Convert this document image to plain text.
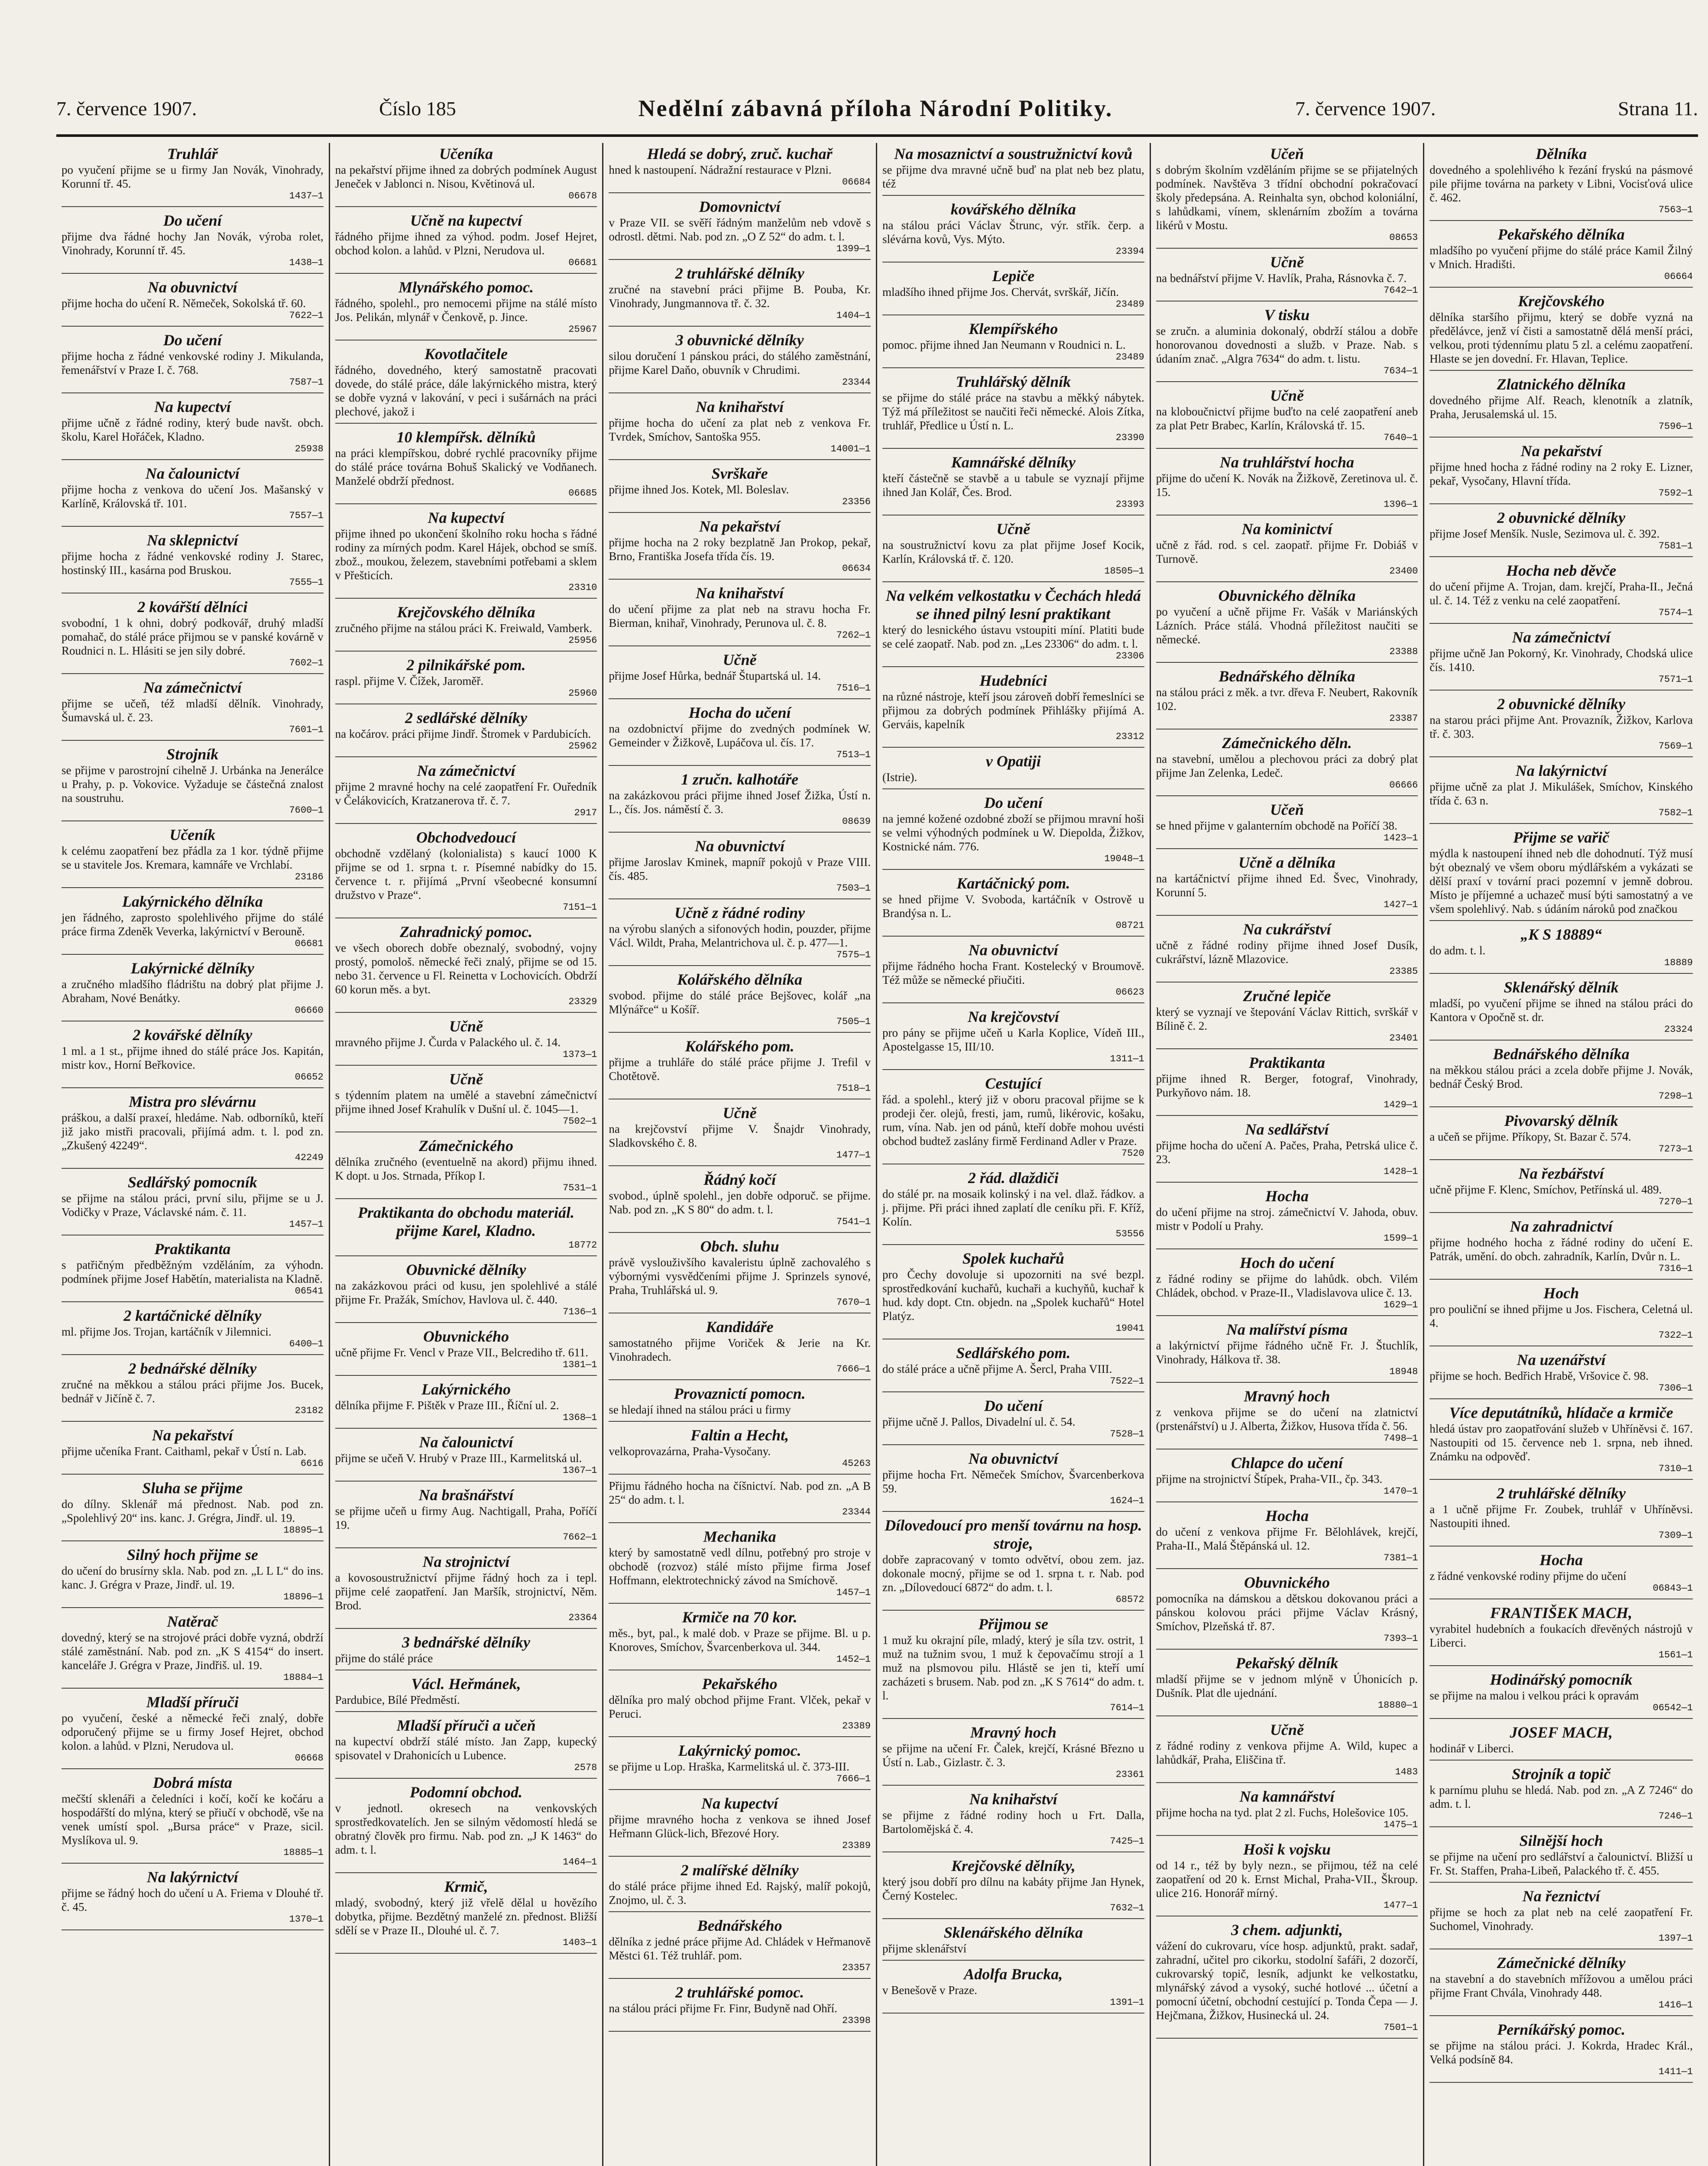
7. července 1907.	Číslo 185	Nedělní zábavná příloha Národní Politiky.	7. července 1907.	Strana 11.
Truhlář
po vyučení přijme se u firmy Jan Novák, Vinohrady, Korunní tř. 45.
1437—1
Do učení
přijme dva řádné hochy Jan Novák, výroba rolet, Vinohrady, Korunní tř. 45.
1438—1
Na obuvnictví
přijme hocha do učení R. Němeček, Sokolská tř. 60.
7622—1
Do učení
přijme hocha z řádné venkovské rodiny J. Mikulanda, řemenářství v Praze I. č. 768.
7587—1
Na kupectví
přijme učně z řádné rodiny, který bude navšt. obch. školu, Karel Hořáček, Kladno.
25938
Na čalounictví
přijme hocha z venkova do učení Jos. Mašanský v Karlíně, Královská tř. 101.
7557—1
Na sklepnictví
přijme hocha z řádné venkovské rodiny J. Starec, hostinský III., kasárna pod Bruskou.
7555—1
2 kovářští dělníci
svobodní, 1 k ohni, dobrý podkovář, druhý mladší pomahač, do stálé práce přijmou se v panské kovárně v Roudnici n. L. Hlásiti se jen sily dobré.
7602—1
Na zámečnictví
přijme se učeň, též mladší dělník. Vinohrady, Šumavská ul. č. 23.
7601—1
Strojník
se přijme v parostrojní cihelně J. Urbánka na Jenerálce u Prahy, p. p. Vokovice. Vyžaduje se částečná znalost na soustruhu.
7600—1
Učeník
k celému zaopatření bez přádla za 1 kor. týdně přijme se u stavitele Jos. Kremara, kamnáře ve Vrchlabí.
23186
Lakýrnického dělníka
jen řádného, zaprosto spolehlivého přijme do stálé práce firma Zdeněk Veverka, lakýrnictví v Berouně.
06681
Lakýrnické dělníky
a zručného mladšího fládrištu na dobrý plat přijme J. Abraham, Nové Benátky.
06660
2 kovářské dělníky
1 ml. a 1 st., přijme ihned do stálé práce Jos. Kapitán, mistr kov., Horní Beřkovice.
06652
Mistra pro slévárnu
práškou, a další praxeí, hledáme. Nab. odborníků, kteří již jako mistři pracovali, přijímá adm. t. l. pod zn. „Zkušený 42249“.
42249
Sedlářský pomocník
se přijme na stálou práci, první silu, přijme se u J. Vodičky v Praze, Václavské nám. č. 11.
1457—1
Praktikanta
s patřičným předběžným vzděláním, za výhodn. podmínek přijme Josef Habětín, materialista na Kladně.
06541
2 kartáčnické dělníky
ml. přijme Jos. Trojan, kartáčník v Jilemnici.
6400—1
2 bednářské dělníky
zručné na měkkou a stálou práci přijme Jos. Bucek, bednář v Jičíně č. 7.
23182
Na pekařství
přijme učeníka Frant. Caithaml, pekař v Ústí n. Lab.
6616
Sluha se přijme
do dílny. Sklenář má přednost. Nab. pod zn. „Spolehlivý 20“ ins. kanc. J. Grégra, Jindř. ul. 19.
18895—1
Silný hoch přijme se
do učení do brusírny skla. Nab. pod zn. „L L L“ do ins. kanc. J. Grégra v Praze, Jindř. ul. 19.
18896—1
Natěrač
dovedný, který se na strojové práci dobře vyzná, obdrží stálé zaměstnání. Nab. pod zn. „K S 4154“ do insert. kanceláře J. Grégra v Praze, Jindřiš. ul. 19.
18884—1
Mladší příruči
po vyučení, české a německé řeči znalý, dobře odporučený přijme se u firmy Josef Hejret, obchod kolon. a lahůd. v Plzni, Nerudova ul.
06668
Dobrá místa
mečští sklenáři a čeledníci i kočí, kočí ke kočáru a hospodářští do mlýna, který se přiučí v obchodě, vše na venek umístí spol. „Bursa práce“ v Praze, sicil. Myslíkova ul. 9.
18885—1
Na lakýrnictví
přijme se řádný hoch do učení u A. Friema v Dlouhé tř. č. 45.
1370—1
Učeníka
na pekařství přijme ihned za dobrých podmínek August Jeneček v Jablonci n. Nisou, Květinová ul.
06678
Učně na kupectví
řádného přijme ihned za výhod. podm. Josef Hejret, obchod kolon. a lahůd. v Plzni, Nerudova ul.
06681
Mlynářského pomoc.
řádného, spolehl., pro nemocemi přijme na stálé místo Jos. Pelikán, mlynář v Čenkově, p. Jince.
25967
Kovotlačitele
řádného, dovedného, který samostatně pracovati dovede, do stálé práce, dále lakýrnického mistra, který se dobře vyzná v lakování, v peci i sušárnách na práci plechové, jakož i
10 klempířsk. dělníků
na práci klempířskou, dobré rychlé pracovníky přijme do stálé práce továrna Bohuš Skalický ve Vodňanech. Manželé obdrží přednost.
06685
Na kupectví
přijme ihned po ukončení školního roku hocha s řádné rodiny za mírných podm. Karel Hájek, obchod se smíš. zbož., moukou, železem, stavebními potřebami a sklem v Přešticích.
23310
Krejčovského dělníka
zručného přijme na stálou práci K. Freiwald, Vamberk.
25956
2 pilnikářské pom.
raspl. přijme V. Čížek, Jaroměř.
25960
2 sedlářské dělníky
na kočárov. práci přijme Jindř. Štromek v Pardubicích.
25962
Na zámečnictví
přijme 2 mravné hochy na celé zaopatření Fr. Ouředník v Čelákovicích, Kratzanerova tř. č. 7.
2917
Obchodvedoucí
obchodně vzdělaný (kolonialista) s kaucí 1000 K přijme se od 1. srpna t. r. Písemné nabídky do 15. července t. r. přijímá „První všeobecné konsumní družstvo v Praze“.
7151—1
Zahradnický pomoc.
ve všech oborech dobře obeznalý, svobodný, vojny prostý, pomološ. německé řeči znalý, přijme se od 15. nebo 31. července u Fl. Reinetta v Lochovicích. Obdrží 60 korun měs. a byt.
23329
Učně
mravného přijme J. Čurda v Palackého ul. č. 14.
1373—1
Učně
s týdenním platem na umělé a stavební zámečnictví přijme ihned Josef Krahulík v Dušní ul. č. 1045—1.
7502—1
Zámečnického
dělníka zručného (eventuelně na akord) přijmu ihned. K dopt. u Jos. Strnada, Příkop I.
7531—1
Praktikanta do obchodu materiál. přijme Karel, Kladno.
18772
Obuvnické dělníky
na zakázkovou práci od kusu, jen spolehlivé a stálé přijme Fr. Pražák, Smíchov, Havlova ul. č. 440.
7136—1
Obuvnického
učně přijme Fr. Vencl v Praze VII., Belcrediho tř. 611.
1381—1
Lakýrnického
dělníka přijme F. Pištěk v Praze III., Říční ul. 2.
1368—1
Na čalounictví
přijme se učeň V. Hrubý v Praze III., Karmelitská ul.
1367—1
Na brašnářství
se přijme učeň u firmy Aug. Nachtigall, Praha, Poříčí 19.
7662—1
Na strojnictví
a kovosoustružnictví přijme řádný hoch za i tepl. přijme celé zaopatření. Jan Maršík, strojnictví, Něm. Brod.
23364
3 bednářské dělníky
přijme do stálé práce
Václ. Heřmánek,
Pardubice, Bílé Předměstí.
Mladší příruči a učeň
na kupectví obdrží stálé místo. Jan Zapp, kupecký spisovatel v Drahonicích u Lubence.
2578
Podomní obchod.
v jednotl. okresech na venkovských sprostředkovatelích. Jen se silným vědomostí hledá se obratný člověk pro firmu. Nab. pod zn. „J K 1463“ do adm. t. l.
1464—1
Krmič,
mladý, svobodný, který již vřelě dělal u hovězího dobytka, přijme. Bezdětný manželé zn. přednost. Bližší sdělí se v Praze II., Dlouhé ul. č. 7.
1403—1
Hledá se dobrý, zruč. kuchař
hned k nastoupení. Nádražní restaurace v Plzni.
06684
Domovnictví
v Praze VII. se svěří řádným manželům neb vdově s odrostl. dětmi. Nab. pod zn. „O Z 52“ do adm. t. l.
1399—1
2 truhlářské dělníky
zručné na stavební práci přijme B. Pouba, Kr. Vinohrady, Jungmannova tř. č. 32.
1404—1
3 obuvnické dělníky
silou doručení 1 pánskou práci, do stálého zaměstnání, přijme Karel Daňo, obuvník v Chrudimi.
23344
Na knihařství
přijme hocha do učení za plat neb z venkova Fr. Tvrdek, Smíchov, Santoška 955.
14001—1
Svrškaře
přijme ihned Jos. Kotek, Ml. Boleslav.
23356
Na pekařství
přijme hocha na 2 roky bezplatně Jan Prokop, pekař, Brno, Františka Josefa třída čís. 19.
06634
Na knihařství
do učení přijme za plat neb na stravu hocha Fr. Bierman, knihař, Vinohrady, Perunova ul. č. 8.
7262—1
Učně
přijme Josef Hůrka, bednář Štupartská ul. 14.
7516—1
Hocha do učení
na ozdobnictví přijme do zvedných podmínek W. Gemeinder v Žižkově, Lupáčova ul. čís. 17.
7513—1
1 zručn. kalhotáře
na zakázkovou práci přijme ihned Josef Žižka, Ústí n. L., čís. Jos. náměstí č. 3.
08639
Na obuvnictví
přijme Jaroslav Kminek, mapníř pokojů v Praze VIII. čís. 485.
7503—1
Učně z řádné rodiny
na výrobu slaných a sifonových hodin, pouzder, přijme Václ. Wildt, Praha, Melantrichova ul. č. p. 477—1.
7575—1
Kolářského dělníka
svobod. přijme do stálé práce Bejšovec, kolář „na Mlýnářce“ u Košíř.
7505—1
Kolářského pom.
přijme a truhláře do stálé práce přijme J. Trefil v Chotětově.
7518—1
Učně
na krejčovství přijme V. Šnajdr Vinohrady, Sladkovského č. 8.
1477—1
Řádný kočí
svobod., úplně spolehl., jen dobře odporuč. se přijme. Nab. pod zn. „K S 80“ do adm. t. l.
7541—1
Obch. sluhu
právě vyslouživšího kavaleristu úplně zachovalého s výbornými vysvědčeními přijme J. Sprinzels synové, Praha, Truhlářská ul. 9.
7670—1
Kandidáře
samostatného přijme Voriček & Jerie na Kr. Vinohradech.
7666—1
Provaznictí pomocn.
se hledají ihned na stálou práci u firmy
Faltin a Hecht,
velkoprovazárna, Praha-Vysočany.
45263
Přijmu řádného hocha na číšnictví. Nab. pod zn. „A B 25“ do adm. t. l.
23344
Mechanika
který by samostatně vedl dílnu, potřebný pro stroje v obchodě (rozvoz) stálé místo přijme firma Josef Hoffmann, elektrotechnický závod na Smíchově.
1457—1
Krmiče na 70 kor.
měs., byt, pal., k malé dob. v Praze se přijme. Bl. u p. Knoroves, Smíchov, Švarcenberkova ul. 344.
1452—1
Pekařského
dělníka pro malý obchod přijme Frant. Vlček, pekař v Peruci.
23389
Lakýrnický pomoc.
se přijme u Lop. Hraška, Karmelitská ul. č. 373-III.
7666—1
Na kupectví
přijme mravného hocha z venkova se ihned Josef Heřmann Glück-lich, Březové Hory.
23389
2 malířské dělníky
do stálé práce přijme ihned Ed. Rajský, malíř pokojů, Znojmo, ul. č. 3.
Bednářského
dělníka z jedné práce přijme Ad. Chládek v Heřmanově Městci 61. Též truhlář. pom.
23357
2 truhlářské pomoc.
na stálou práci přijme Fr. Finr, Budyně nad Ohří.
23398
Na mosaznictví a soustružnictví kovů
se přijme dva mravné učně buď na plat neb bez platu, též
kovářského dělníka
na stálou práci Václav Štrunc, výr. střík. čerp. a slévárna kovů, Vys. Mýto.
23394
Lepiče
mladšího ihned přijme Jos. Chervát, svrškář, Jičín.
23489
Klempířského
pomoc. přijme ihned Jan Neumann v Roudnici n. L.
23489
Truhlářský dělník
se přijme do stálé práce na stavbu a měkký nábytek. Týž má příležitost se naučiti řeči německé. Alois Zítka, truhlář, Předlice u Ústí n. L.
23390
Kamnářské dělníky
kteří částečně se stavbě a u tabule se vyznají přijme ihned Jan Kolář, Čes. Brod.
23393
Učně
na soustružnictví kovu za plat přijme Josef Kocik, Karlín, Královská tř. č. 120.
18505—1
Na velkém velkostatku v Čechách hledá se ihned pilný lesní praktikant
který do lesnického ústavu vstoupiti míní. Platiti bude se celé zaopatř. Nab. pod zn. „Les 23306“ do adm. t. l.
23306
Hudebníci
na různé nástroje, kteří jsou zároveň dobří řemeslníci se přijmou za dobrých podmínek Přihlášky přijímá A. Gerváis, kapelník
23312
v Opatiji
(Istrie).
Do učení
na jemné kožené ozdobné zboží se přijmou mravní hoši se velmi výhodných podmínek u W. Diepolda, Žižkov, Kostnické nám. 776.
19048—1
Kartáčnický pom.
se hned přijme V. Svoboda, kartáčník v Ostrově u Brandýsa n. L.
08721
Na obuvnictví
přijme řádného hocha Frant. Kostelecký v Broumově. Též může se německé přiučiti.
06623
Na krejčovství
pro pány se přijme učeň u Karla Koplice, Vídeň III., Apostelgasse 15, III/10.
1311—1
Cestující
řád. a spolehl., který již v oboru pracoval přijme se k prodeji čer. olejů, fresti, jam, rumů, likérovic, košaku, rum, vína. Nab. jen od pánů, kteří dobře mohou uvésti obchod budtež zaslány firmě Ferdinand Adler v Praze.
7520
2 řád. dlaždiči
do stálé pr. na mosaik kolinský i na vel. dlaž. řádkov. a j. přijme. Při práci ihned zaplatí dle ceníku při. F. Kříž, Kolín.
53556
Spolek kuchařů
pro Čechy dovoluje si upozorniti na své bezpl. sprostředkování kuchařů, kuchaři a kuchyňů, kuchař k hud. kdy dopt. Ctn. objedn. na „Spolek kuchařů“ Hotel Platýz.
19041
Sedlářského pom.
do stálé práce a učně přijme A. Šercl, Praha VIII.
7522—1
Do učení
přijme učně J. Pallos, Divadelní ul. č. 54.
7528—1
Na obuvnictví
přijme hocha Frt. Němeček Smíchov, Švarcenberkova 59.
1624—1
Dílovedoucí pro menší továrnu na hosp. stroje,
dobře zapracovaný v tomto odvětví, obou zem. jaz. dokonale mocný, přijme se od 1. srpna t. r. Nab. pod zn. „Dílovedoucí 6872“ do adm. t. l.
68572
Přijmou se
1 muž ku okrajní píle, mladý, který je síla tzv. ostrit, 1 muž na tužnim svou, 1 muž k čepovačímu strojí a 1 muž na plsmovou pilu. Hlástě se jen ti, kteří umí zacházeti s brusem. Nab. pod zn. „K S 7614“ do adm. t. l.
7614—1
Mravný hoch
se přijme na učení Fr. Čalek, krejčí, Krásné Březno u Ústí n. Lab., Gizlastr. č. 3.
23361
Na knihařství
se přijme z řádné rodiny hoch u Frt. Dalla, Bartolomějská č. 4.
7425—1
Krejčovské dělníky,
který jsou dobří pro dílnu na kabáty přijme Jan Hynek, Černý Kostelec.
7632—1
Sklenářského dělníka
přijme sklenářství
Adolfa Brucka,
v Benešově v Praze.
1391—1
Učeň
s dobrým školním vzděláním přijme se se přijatelných podmínek. Navštěva 3 třídní obchodní pokračovací školy předepsána. A. Reinhalta syn, obchod koloniální, s lahůdkami, vínem, sklenárním zbožím a továrna likérů v Mostu.
08653
Učně
na bednářství přijme V. Havlík, Praha, Rásnovka č. 7.
7642—1
V tisku
se zručn. a aluminia dokonalý, obdrží stálou a dobře honorovanou dovednosti a služb. v Praze. Nab. s údaním znač. „Algra 7634“ do adm. t. listu.
7634—1
Učně
na kloboučnictví přijme buďto na celé zaopatření aneb za plat Petr Brabec, Karlín, Královská tř. 15.
7640—1
Na truhlářství hocha
přijme do učení K. Novák na Žižkově, Zeretinova ul. č. 15.
1396—1
Na kominictví
učně z řád. rod. s cel. zaopatř. přijme Fr. Dobiáš v Turnově.
23400
Obuvnického dělníka
po vyučení a učně přijme Fr. Vašák v Mariánských Lázních. Práce stálá. Vhodná příležitost naučiti se německé.
23388
Bednářského dělníka
na stálou práci z měk. a tvr. dřeva F. Neubert, Rakovník 102.
23387
Zámečnického děln.
na stavební, umělou a plechovou práci za dobrý plat přijme Jan Zelenka, Ledeč.
06666
Učeň
se hned přijme v galanterním obchodě na Poříčí 38.
1423—1
Učně a dělníka
na kartáčnictví přijme ihned Ed. Švec, Vinohrady, Korunní 5.
1427—1
Na cukrářství
učně z řádné rodiny přijme ihned Josef Dusík, cukrářství, lázně Mlazovice.
23385
Zručné lepiče
který se vyznají ve štepování Václav Rittich, svrškář v Bílině č. 2.
23401
Praktikanta
přijme ihned R. Berger, fotograf, Vinohrady, Purkyňovo nám. 18.
1429—1
Na sedlářství
přijme hocha do učení A. Pačes, Praha, Petrská ulice č. 23.
1428—1
Hocha
do učení přijme na stroj. zámečnictví V. Jahoda, obuv. mistr v Podolí u Prahy.
1599—1
Hoch do učení
z řádné rodiny se přijme do lahůdk. obch. Vilém Chládek, obchod. v Praze-II., Vladislavova ulice č. 13.
1629—1
Na malířství písma
a lakýrnictví přijme řádného učně Fr. J. Štuchlík, Vinohrady, Hálkova tř. 38.
18948
Mravný hoch
z venkova přijme se do učení na zlatnictví (prstenářství) u J. Alberta, Žižkov, Husova třída č. 56.
7498—1
Chlapce do učení
přijme na strojnictví Štípek, Praha-VII., čp. 343.
1470—1
Hocha
do učení z venkova přijme Fr. Bělohlávek, krejčí, Praha-II., Malá Štěpánská ul. 12.
7381—1
Obuvnického
pomocníka na dámskou a dětskou dokovanou práci a pánskou kolovou práci přijme Václav Krásný, Smíchov, Plzeňská tř. 87.
7393—1
Pekařský dělník
mladší přijme se v jednom mlýně v Úhonicích p. Dušník. Plat dle ujednání.
18880—1
Učně
z řádné rodiny z venkova přijme A. Wild, kupec a lahůdkář, Praha, Eliščina tř.
1483
Na kamnářství
přijme hocha na tyd. plat 2 zl. Fuchs, Holešovice 105.
1475—1
Hoši k vojsku
od 14 r., též by byly nezn., se přijmou, též na celé zaopatření od 20 k. Ernst Michal, Praha-VII., Škroup. ulice 216. Honorář mírný.
1477—1
3 chem. adjunkti,
vážení do cukrovaru, více hosp. adjunktů, prakt. sadař, zahradní, učitel pro cikorku, stodolní šafáři, 2 dozorčí, cukrovarský topič, lesník, adjunkt ke velkostatku, mlynářský závod a vysoký, suché hotlové ... účetní a pomocní účetní, obchodní cestující p. Tonda Čepa — J. Hejčmana, Žižkov, Husinecká ul. 24.
7501—1
Dělníka
dovedného a spolehlivého k řezání fryskú na pásmové pile přijme továrna na parkety v Libni, Vocisťová ulice č. 462.
7563—1
Pekařského dělníka
mladšího po vyučení přijme do stálé práce Kamil Žilný v Mnich. Hradišti.
06664
Krejčovského
dělníka staršího přijmu, který se dobře vyzná na předělávce, jenž ví čisti a samostatně dělá menší práci, velkou, proti týdennímu platu 5 zl. a celému zaopatření. Hlaste se jen dovední. Fr. Hlavan, Teplice.
Zlatnického dělníka
dovedného přijme Alf. Reach, klenotník a zlatník, Praha, Jerusalemská ul. 15.
7596—1
Na pekařství
přijme hned hocha z řádné rodiny na 2 roky E. Lizner, pekař, Vysočany, Hlavní třída.
7592—1
2 obuvnické dělníky
přijme Josef Menšík. Nusle, Sezimova ul. č. 392.
7581—1
Hocha neb děvče
do učení přijme A. Trojan, dam. krejčí, Praha-II., Ječná ul. č. 14. Též z venku na celé zaopatření.
7574—1
Na zámečnictví
přijme učně Jan Pokorný, Kr. Vinohrady, Chodská ulice čís. 1410.
7571—1
2 obuvnické dělníky
na starou práci přijme Ant. Provazník, Žižkov, Karlova tř. č. 303.
7569—1
Na lakýrnictví
přijme učně za plat J. Mikulášek, Smíchov, Kinského třída č. 63 n.
7582—1
Přijme se vařič
mýdla k nastoupení ihned neb dle dohodnutí. Týž musí být obeznalý ve všem oboru mýdlářském a vykázati se dělší praxí v tovární praci pozemní v jemně dobrou. Místo je příjemné a uchazeč musí býti samostatný a ve všem spolehlivý. Nab. s údáním nároků pod značkou
„K S 18889“
do adm. t. l.
18889
Sklenářský dělník
mladší, po vyučení přijme se ihned na stálou práci do Kantora v Opočně st. dr.
23324
Bednářského dělníka
na měkkou stálou práci a zcela dobře přijme J. Novák, bednář Český Brod.
7298—1
Pivovarský dělník
a učeň se přijme. Příkopy, St. Bazar č. 574.
7273—1
Na řezbářství
učně přijme F. Klenc, Smíchov, Petřínská ul. 489.
7270—1
Na zahradnictví
přijme hodného hocha z řádné rodiny do učení E. Patrák, umění. do obch. zahradník, Karlín, Dvůr n. L.
7316—1
Hoch
pro pouliční se ihned přijme u Jos. Fischera, Celetná ul. 4.
7322—1
Na uzenářství
přijme se hoch. Bedřich Hrabě, Vršovice č. 98.
7306—1
Více deputátníků, hlídače a krmiče
hledá ústav pro zaopatřování služeb v Uhříněvsi č. 167. Nastoupiti od 15. července neb 1. srpna, neb ihned. Známku na odpověď.
7310—1
2 truhlářské dělníky
a 1 učně přijme Fr. Zoubek, truhlář v Uhříněvsi. Nastoupiti ihned.
7309—1
Hocha
z řádné venkovské rodiny přijme do učení
06843—1
FRANTIŠEK MACH,
vyrabitel hudebních a foukacích dřevěných nástrojů v Liberci.
1561—1
Hodinářský pomocník
se přijme na malou i velkou práci k opravám
06542—1
JOSEF MACH,
hodinář v Liberci.
Strojník a topič
k parnímu pluhu se hledá. Nab. pod zn. „A Z 7246“ do adm. t. l.
7246—1
Silnější hoch
se přijme na učení pro sedlářství a čalounictví. Bližší u Fr. St. Staffen, Praha-Libeň, Palackého tř. č. 455.
Na řeznictví
přijme se hoch za plat neb na celé zaopatření Fr. Suchomel, Vinohrady.
1397—1
Zámečnické dělníky
na stavební a do stavebních mřížovou a umělou práci přijme Frant Chvála, Vinohrady 448.
1416—1
Perníkářský pomoc.
se přijme na stálou práci. J. Kokrda, Hradec Král., Velká podsíně 84.
1411—1
